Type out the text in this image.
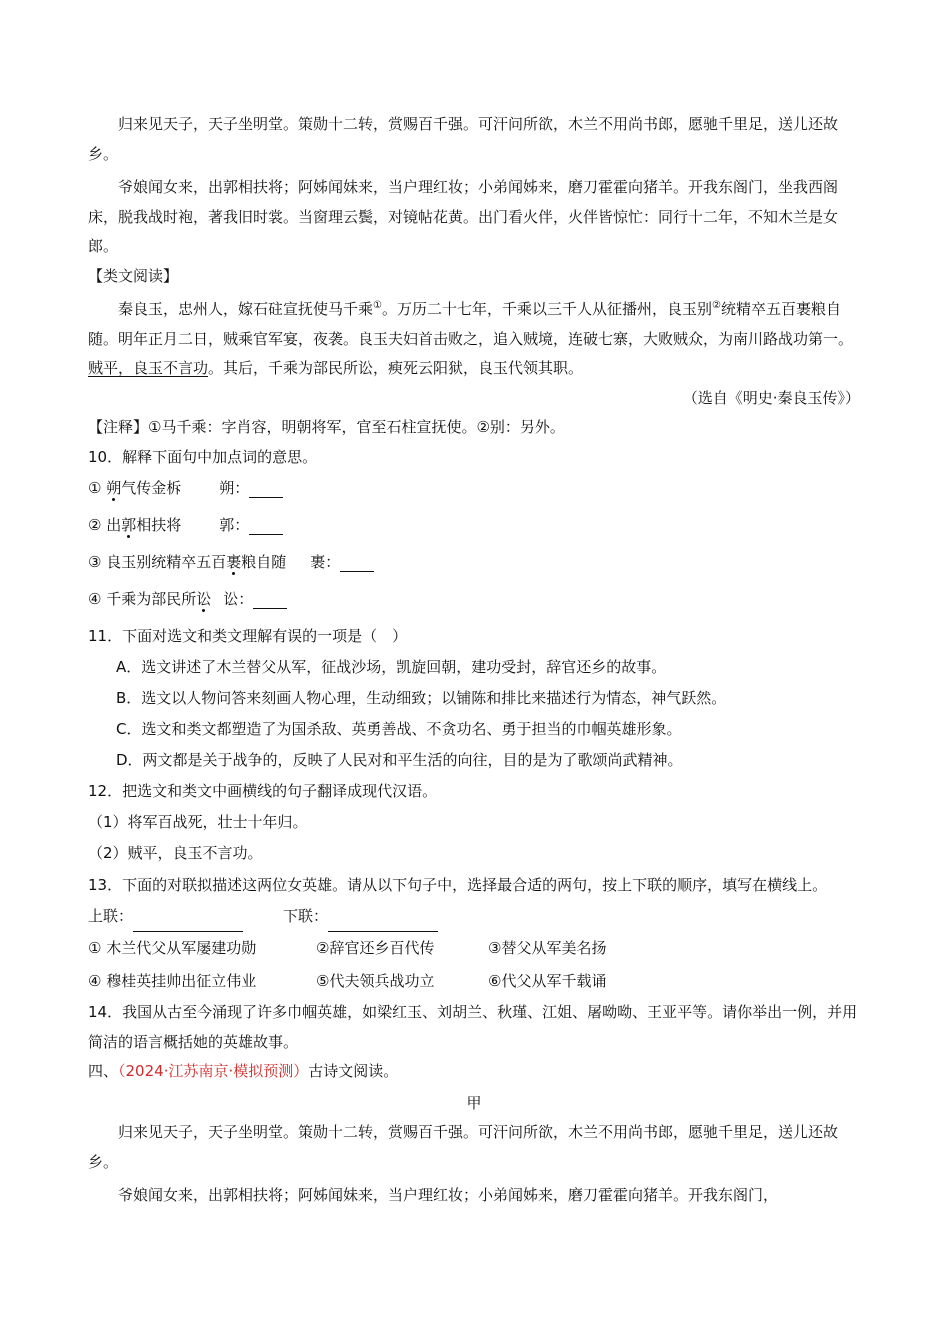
归来见天子，天子坐明堂。策勋十二转，赏赐百千强。可汗问所欲，木兰不用尚书郎，愿驰千里足，送儿还故乡。

爷娘闻女来，出郭相扶将；阿姊闻妹来，当户理红妆；小弟闻姊来，磨刀霍霍向猪羊。开我东阁门，坐我西阁床，脱我战时袍，著我旧时裳。当窗理云鬓，对镜帖花黄。出门看火伴，火伴皆惊忙：同行十二年，不知木兰是女郎。

【类文阅读】

秦良玉，忠州人，嫁石砫宣抚使马千乘①。万历二十七年，千乘以三千人从征播州，良玉别②统精卒五百裹粮自随。明年正月二日，贼乘官军宴，夜袭。良玉夫妇首击败之，追入贼境，连破七寨，大败贼众，为南川路战功第一。贼平，良玉不言功。其后，千乘为部民所讼，瘐死云阳狱，良玉代领其职。

（选自《明史·秦良玉传》）

【注释】①马千乘：字肖容，明朝将军，官至石柱宣抚使。②别：另外。

10．解释下面句中加点词的意思。

① 朔气传金柝	朔：

② 出郭相扶将	郭：

③ 良玉别统精卒五百裹粮自随 裹：

④ 千乘为部民所讼 讼：

11．下面对选文和类文理解有误的一项是（　）

A．选文讲述了木兰替父从军，征战沙场，凯旋回朝，建功受封，辞官还乡的故事。

B．选文以人物问答来刻画人物心理，生动细致；以铺陈和排比来描述行为情态，神气跃然。

C．选文和类文都塑造了为国杀敌、英勇善战、不贪功名、勇于担当的巾帼英雄形象。

D．两文都是关于战争的，反映了人民对和平生活的向往，目的是为了歌颂尚武精神。

12．把选文和类文中画横线的句子翻译成现代汉语。

（1）将军百战死，壮士十年归。

（2）贼平，良玉不言功。

13．下面的对联拟描述这两位女英雄。请从以下句子中，选择最合适的两句，按上下联的顺序，填写在横线上。

上联：	下联：

① 木兰代父从军屡建功勋	②辞官还乡百代传	③替父从军美名扬

④ 穆桂英挂帅出征立伟业	⑤代夫领兵战功立	⑥代父从军千载诵

14．我国从古至今涌现了许多巾帼英雄，如梁红玉、刘胡兰、秋瑾、江姐、屠呦呦、王亚平等。请你举出一例，并用简洁的语言概括她的英雄故事。

四、（2024·江苏南京·模拟预测）古诗文阅读。

甲

归来见天子，天子坐明堂。策勋十二转，赏赐百千强。可汗问所欲，木兰不用尚书郎，愿驰千里足，送儿还故乡。

爷娘闻女来，出郭相扶将；阿姊闻妹来，当户理红妆；小弟闻姊来，磨刀霍霍向猪羊。开我东阁门，
